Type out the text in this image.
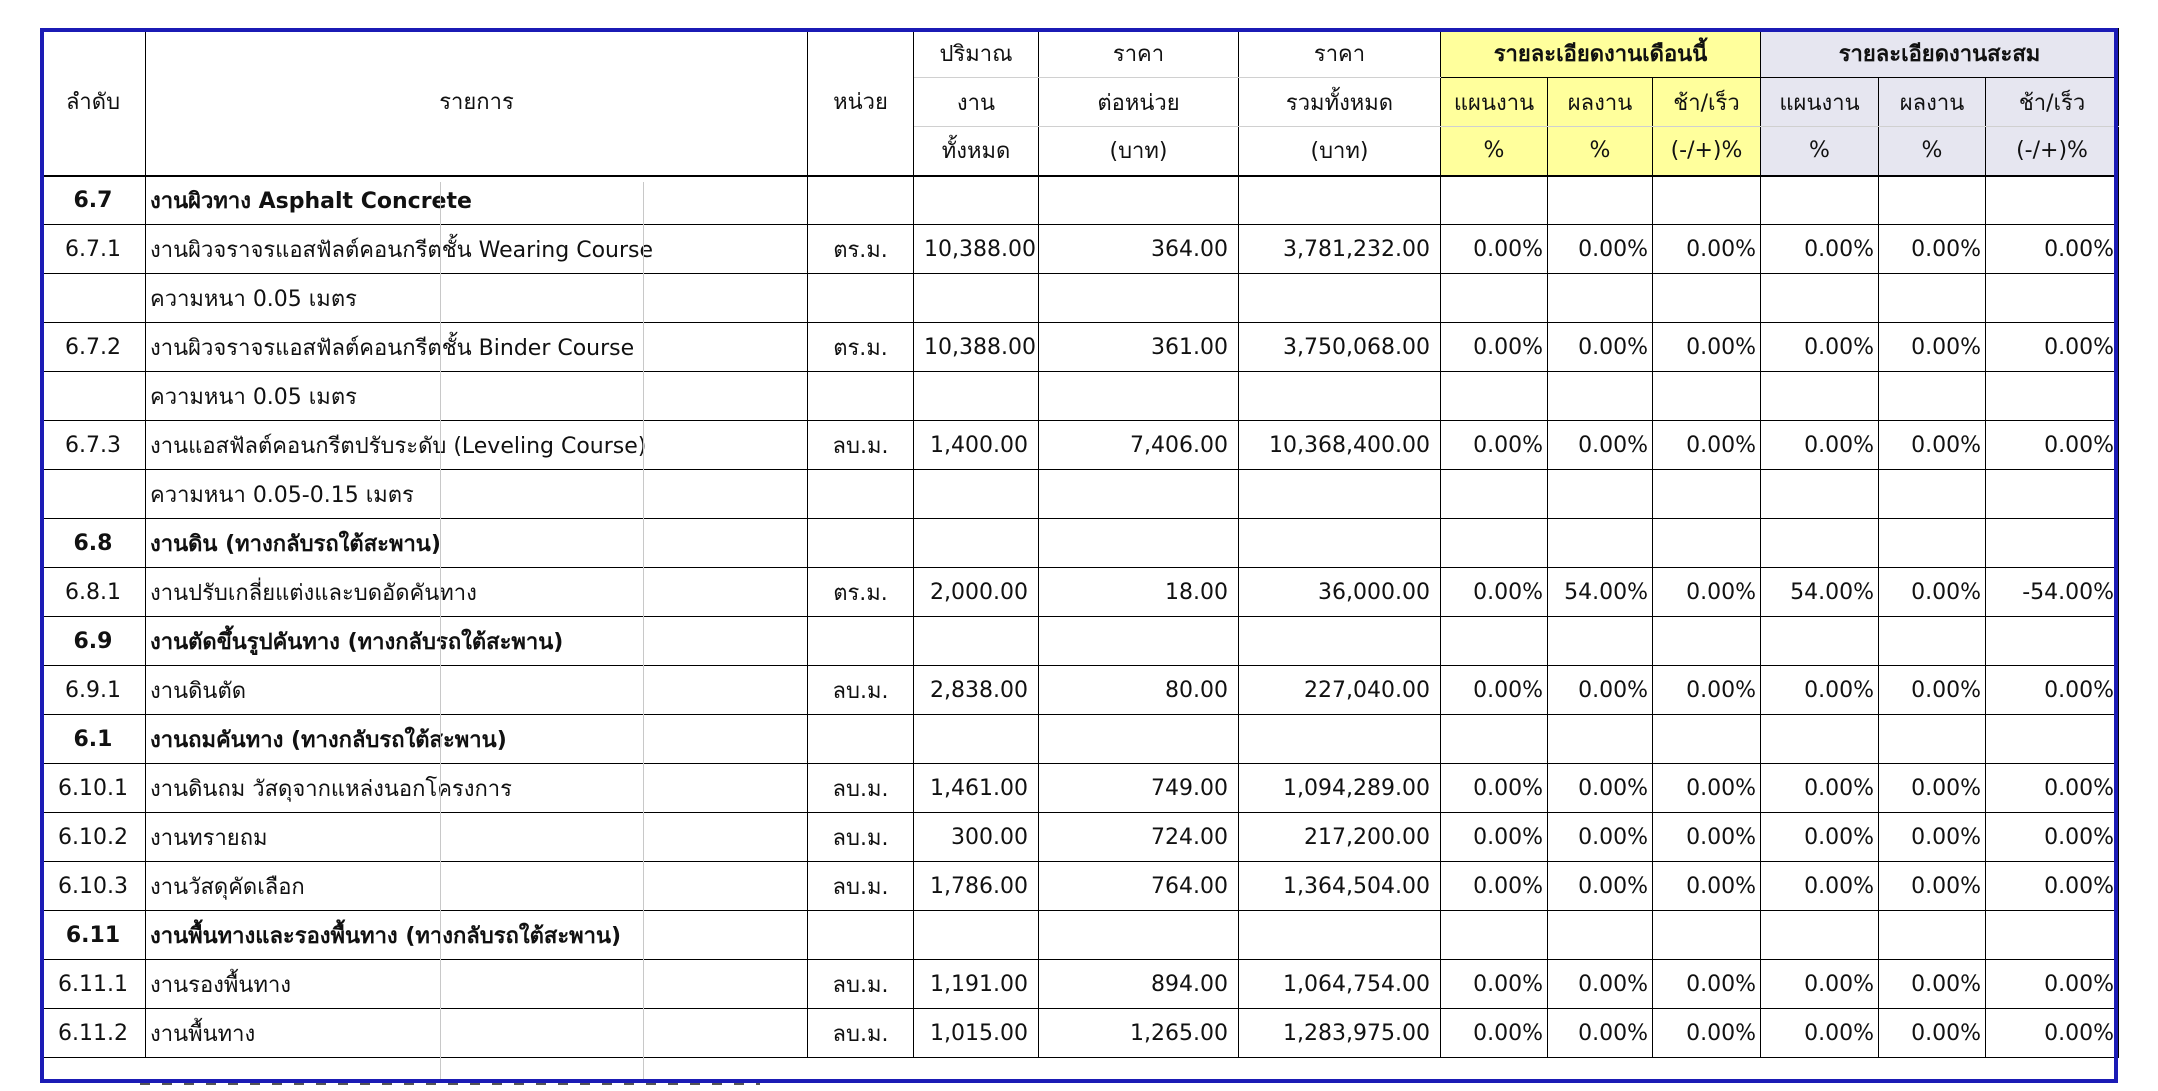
ลำดับ	รายการ	หน่วย	ปริมาณ	ราคา	ราคา	รายละเอียดงานเดือนนี้			รายละเอียดงานสะสม		
			งาน	ต่อหน่วย	รวมทั้งหมด	แผนงาน	ผลงาน	ช้า/เร็ว	แผนงาน	ผลงาน	ช้า/เร็ว
			ทั้งหมด	(บาท)	(บาท)	%	%	(-/+)%	%	%	(-/+)%
6.7	งานผิวทาง Asphalt Concrete										
6.7.1	งานผิวจราจรแอสฟัลต์คอนกรีตชั้น Wearing Course	ตร.ม.	10,388.00	364.00	3,781,232.00	0.00%	0.00%	0.00%	0.00%	0.00%	0.00%
	ความหนา 0.05 เมตร										
6.7.2	งานผิวจราจรแอสฟัลต์คอนกรีตชั้น Binder Course	ตร.ม.	10,388.00	361.00	3,750,068.00	0.00%	0.00%	0.00%	0.00%	0.00%	0.00%
	ความหนา 0.05 เมตร										
6.7.3	งานแอสฟัลต์คอนกรีตปรับระดับ (Leveling Course)	ลบ.ม.	1,400.00	7,406.00	10,368,400.00	0.00%	0.00%	0.00%	0.00%	0.00%	0.00%
	ความหนา 0.05-0.15 เมตร										
6.8	งานดิน (ทางกลับรถใต้สะพาน)										
6.8.1	งานปรับเกลี่ยแต่งและบดอัดคันทาง	ตร.ม.	2,000.00	18.00	36,000.00	0.00%	54.00%	0.00%	54.00%	0.00%	-54.00%
6.9	งานตัดขึ้นรูปคันทาง (ทางกลับรถใต้สะพาน)										
6.9.1	งานดินตัด	ลบ.ม.	2,838.00	80.00	227,040.00	0.00%	0.00%	0.00%	0.00%	0.00%	0.00%
6.1	งานถมคันทาง (ทางกลับรถใต้สะพาน)										
6.10.1	งานดินถม วัสดุจากแหล่งนอกโครงการ	ลบ.ม.	1,461.00	749.00	1,094,289.00	0.00%	0.00%	0.00%	0.00%	0.00%	0.00%
6.10.2	งานทรายถม	ลบ.ม.	300.00	724.00	217,200.00	0.00%	0.00%	0.00%	0.00%	0.00%	0.00%
6.10.3	งานวัสดุคัดเลือก	ลบ.ม.	1,786.00	764.00	1,364,504.00	0.00%	0.00%	0.00%	0.00%	0.00%	0.00%
6.11	งานพื้นทางและรองพื้นทาง (ทางกลับรถใต้สะพาน)										
6.11.1	งานรองพื้นทาง	ลบ.ม.	1,191.00	894.00	1,064,754.00	0.00%	0.00%	0.00%	0.00%	0.00%	0.00%
6.11.2	งานพื้นทาง	ลบ.ม.	1,015.00	1,265.00	1,283,975.00	0.00%	0.00%	0.00%	0.00%	0.00%	0.00%
